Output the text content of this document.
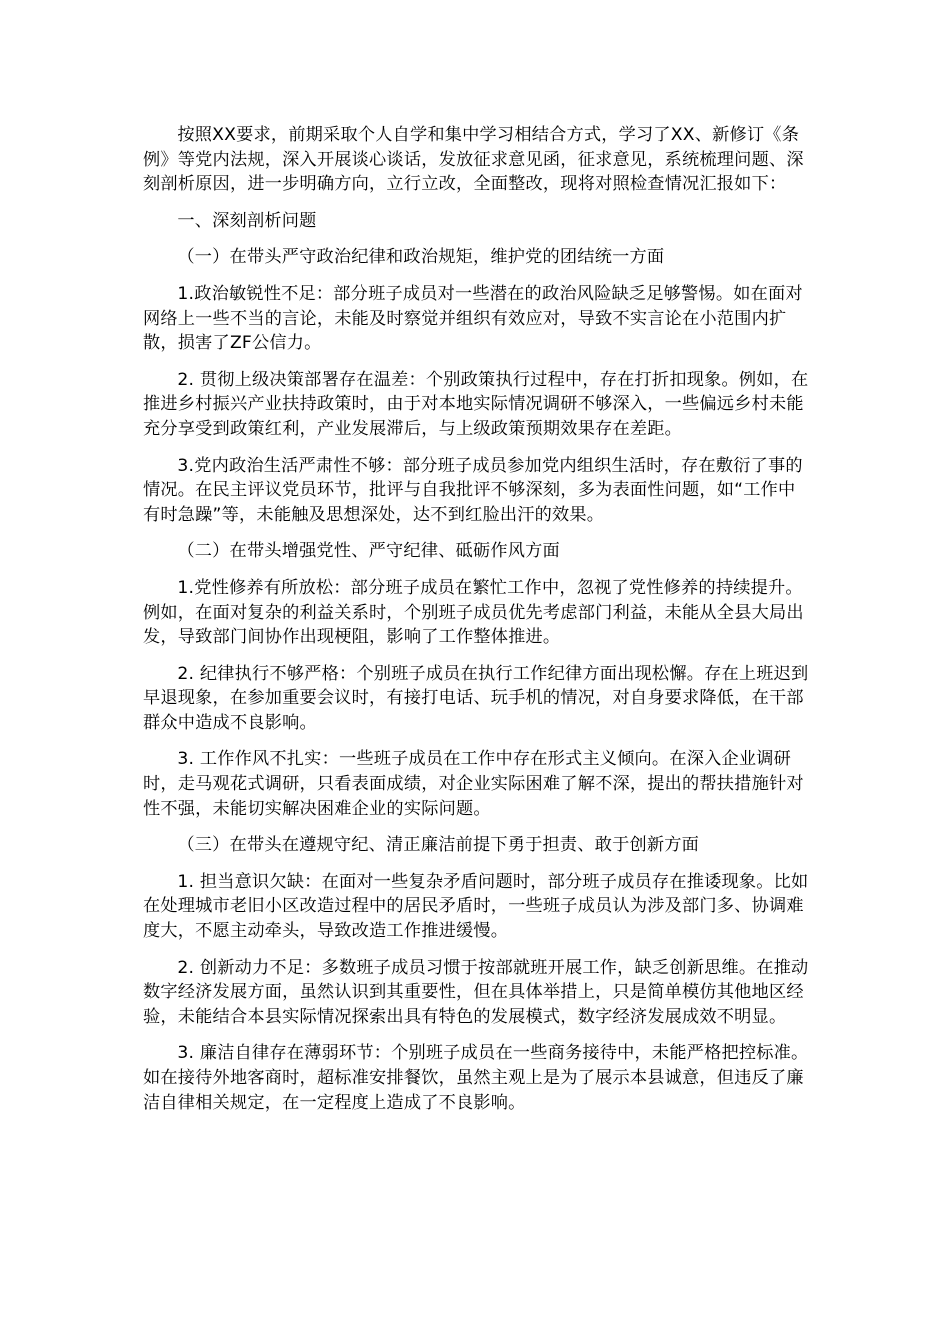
按照XX要求，前期采取个人自学和集中学习相结合方式，学习了XX、新修订《条例》等党内法规，深入开展谈心谈话，发放征求意见函，征求意见，系统梳理问题、深刻剖析原因，进一步明确方向，立行立改，全面整改，现将对照检查情况汇报如下：

一、深刻剖析问题

（一）在带头严守政治纪律和政治规矩，维护党的团结统一方面

1.政治敏锐性不足：部分班子成员对一些潜在的政治风险缺乏足够警惕。如在面对网络上一些不当的言论，未能及时察觉并组织有效应对，导致不实言论在小范围内扩散，损害了ZF公信力。

2. 贯彻上级决策部署存在温差：个别政策执行过程中，存在打折扣现象。例如，在推进乡村振兴产业扶持政策时，由于对本地实际情况调研不够深入，一些偏远乡村未能充分享受到政策红利，产业发展滞后，与上级政策预期效果存在差距。

3.党内政治生活严肃性不够：部分班子成员参加党内组织生活时，存在敷衍了事的情况。在民主评议党员环节，批评与自我批评不够深刻，多为表面性问题，如“工作中有时急躁”等，未能触及思想深处，达不到红脸出汗的效果。

（二）在带头增强党性、严守纪律、砥砺作风方面

1.党性修养有所放松：部分班子成员在繁忙工作中，忽视了党性修养的持续提升。例如，在面对复杂的利益关系时，个别班子成员优先考虑部门利益，未能从全县大局出发，导致部门间协作出现梗阻，影响了工作整体推进。

2. 纪律执行不够严格：个别班子成员在执行工作纪律方面出现松懈。存在上班迟到早退现象，在参加重要会议时，有接打电话、玩手机的情况，对自身要求降低，在干部群众中造成不良影响。

3. 工作作风不扎实：一些班子成员在工作中存在形式主义倾向。在深入企业调研时，走马观花式调研，只看表面成绩，对企业实际困难了解不深，提出的帮扶措施针对性不强，未能切实解决困难企业的实际问题。

（三）在带头在遵规守纪、清正廉洁前提下勇于担责、敢于创新方面

1. 担当意识欠缺：在面对一些复杂矛盾问题时，部分班子成员存在推诿现象。比如在处理城市老旧小区改造过程中的居民矛盾时，一些班子成员认为涉及部门多、协调难度大，不愿主动牵头，导致改造工作推进缓慢。

2. 创新动力不足：多数班子成员习惯于按部就班开展工作，缺乏创新思维。在推动数字经济发展方面，虽然认识到其重要性，但在具体举措上，只是简单模仿其他地区经验，未能结合本县实际情况探索出具有特色的发展模式，数字经济发展成效不明显。

3. 廉洁自律存在薄弱环节：个别班子成员在一些商务接待中，未能严格把控标准。如在接待外地客商时，超标准安排餐饮，虽然主观上是为了展示本县诚意，但违反了廉洁自律相关规定，在一定程度上造成了不良影响。
